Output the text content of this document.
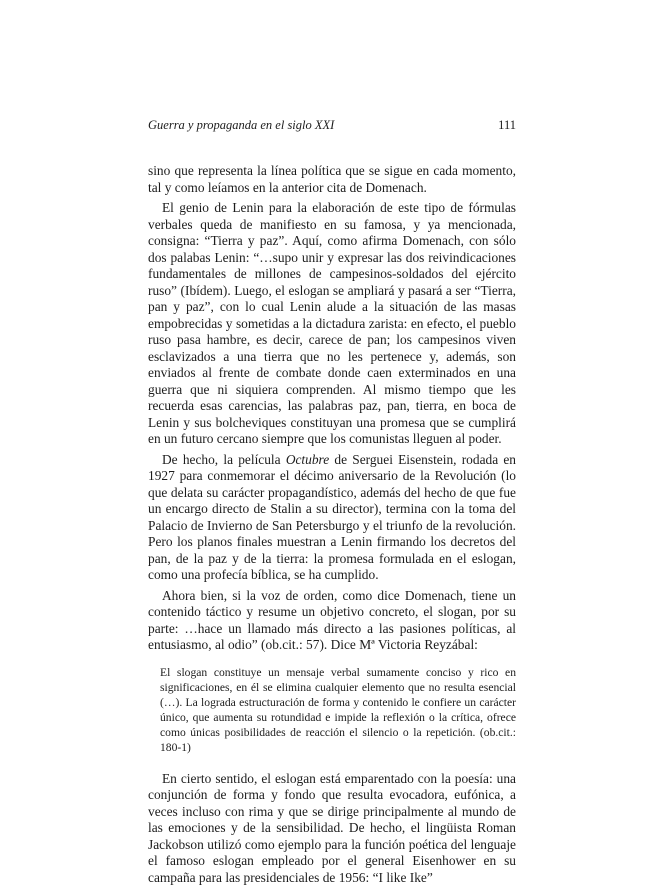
Guerra y propaganda en el siglo XXI	111

sino que representa la línea política que se sigue en cada momento, tal y como leíamos en la anterior cita de Domenach.

El genio de Lenin para la elaboración de este tipo de fórmulas verbales queda de manifiesto en su famosa, y ya mencionada, consigna: “Tierra y paz”. Aquí, como afirma Domenach, con sólo dos palabas Lenin: “…supo unir y expresar las dos reivindicaciones fundamentales de millones de campesinos-soldados del ejército ruso” (Ibídem). Luego, el eslogan se ampliará y pasará a ser “Tierra, pan y paz”, con lo cual Lenin alude a la situación de las masas empobrecidas y sometidas a la dictadura zarista: en efecto, el pueblo ruso pasa hambre, es decir, carece de pan; los campesinos viven esclavizados a una tierra que no les pertenece y, además, son enviados al frente de combate donde caen exterminados en una guerra que ni siquiera comprenden. Al mismo tiempo que les recuerda esas carencias, las palabras paz, pan, tierra, en boca de Lenin y sus bolcheviques constituyan una promesa que se cumplirá en un futuro cercano siempre que los comunistas lleguen al poder.

De hecho, la película Octubre de Serguei Eisenstein, rodada en 1927 para conmemorar el décimo aniversario de la Revolución (lo que delata su carácter propagandístico, además del hecho de que fue un encargo directo de Stalin a su director), termina con la toma del Palacio de Invierno de San Petersburgo y el triunfo de la revolución. Pero los planos finales muestran a Lenin firmando los decretos del pan, de la paz y de la tierra: la promesa formulada en el eslogan, como una profecía bíblica, se ha cumplido.

Ahora bien, si la voz de orden, como dice Domenach, tiene un contenido táctico y resume un objetivo concreto, el slogan, por su parte: …hace un llamado más directo a las pasiones políticas, al entusiasmo, al odio” (ob.cit.: 57). Dice Mª Victoria Reyzábal:

El slogan constituye un mensaje verbal sumamente conciso y rico en significaciones, en él se elimina cualquier elemento que no resulta esencial (…). La lograda estructuración de forma y contenido le confiere un carácter único, que aumenta su rotundidad e impide la reflexión o la crítica, ofrece como únicas posibilidades de reacción el silencio o la repetición. (ob.cit.: 180-1)

En cierto sentido, el eslogan está emparentado con la poesía: una conjunción de forma y fondo que resulta evocadora, eufónica, a veces incluso con rima y que se dirige principalmente al mundo de las emociones y de la sensibilidad. De hecho, el lingüista Roman Jackobson utilizó como ejemplo para la función poética del lenguaje el famoso eslogan empleado por el general Eisenhower en su campaña para las presidenciales de 1956: “I like Ike”
